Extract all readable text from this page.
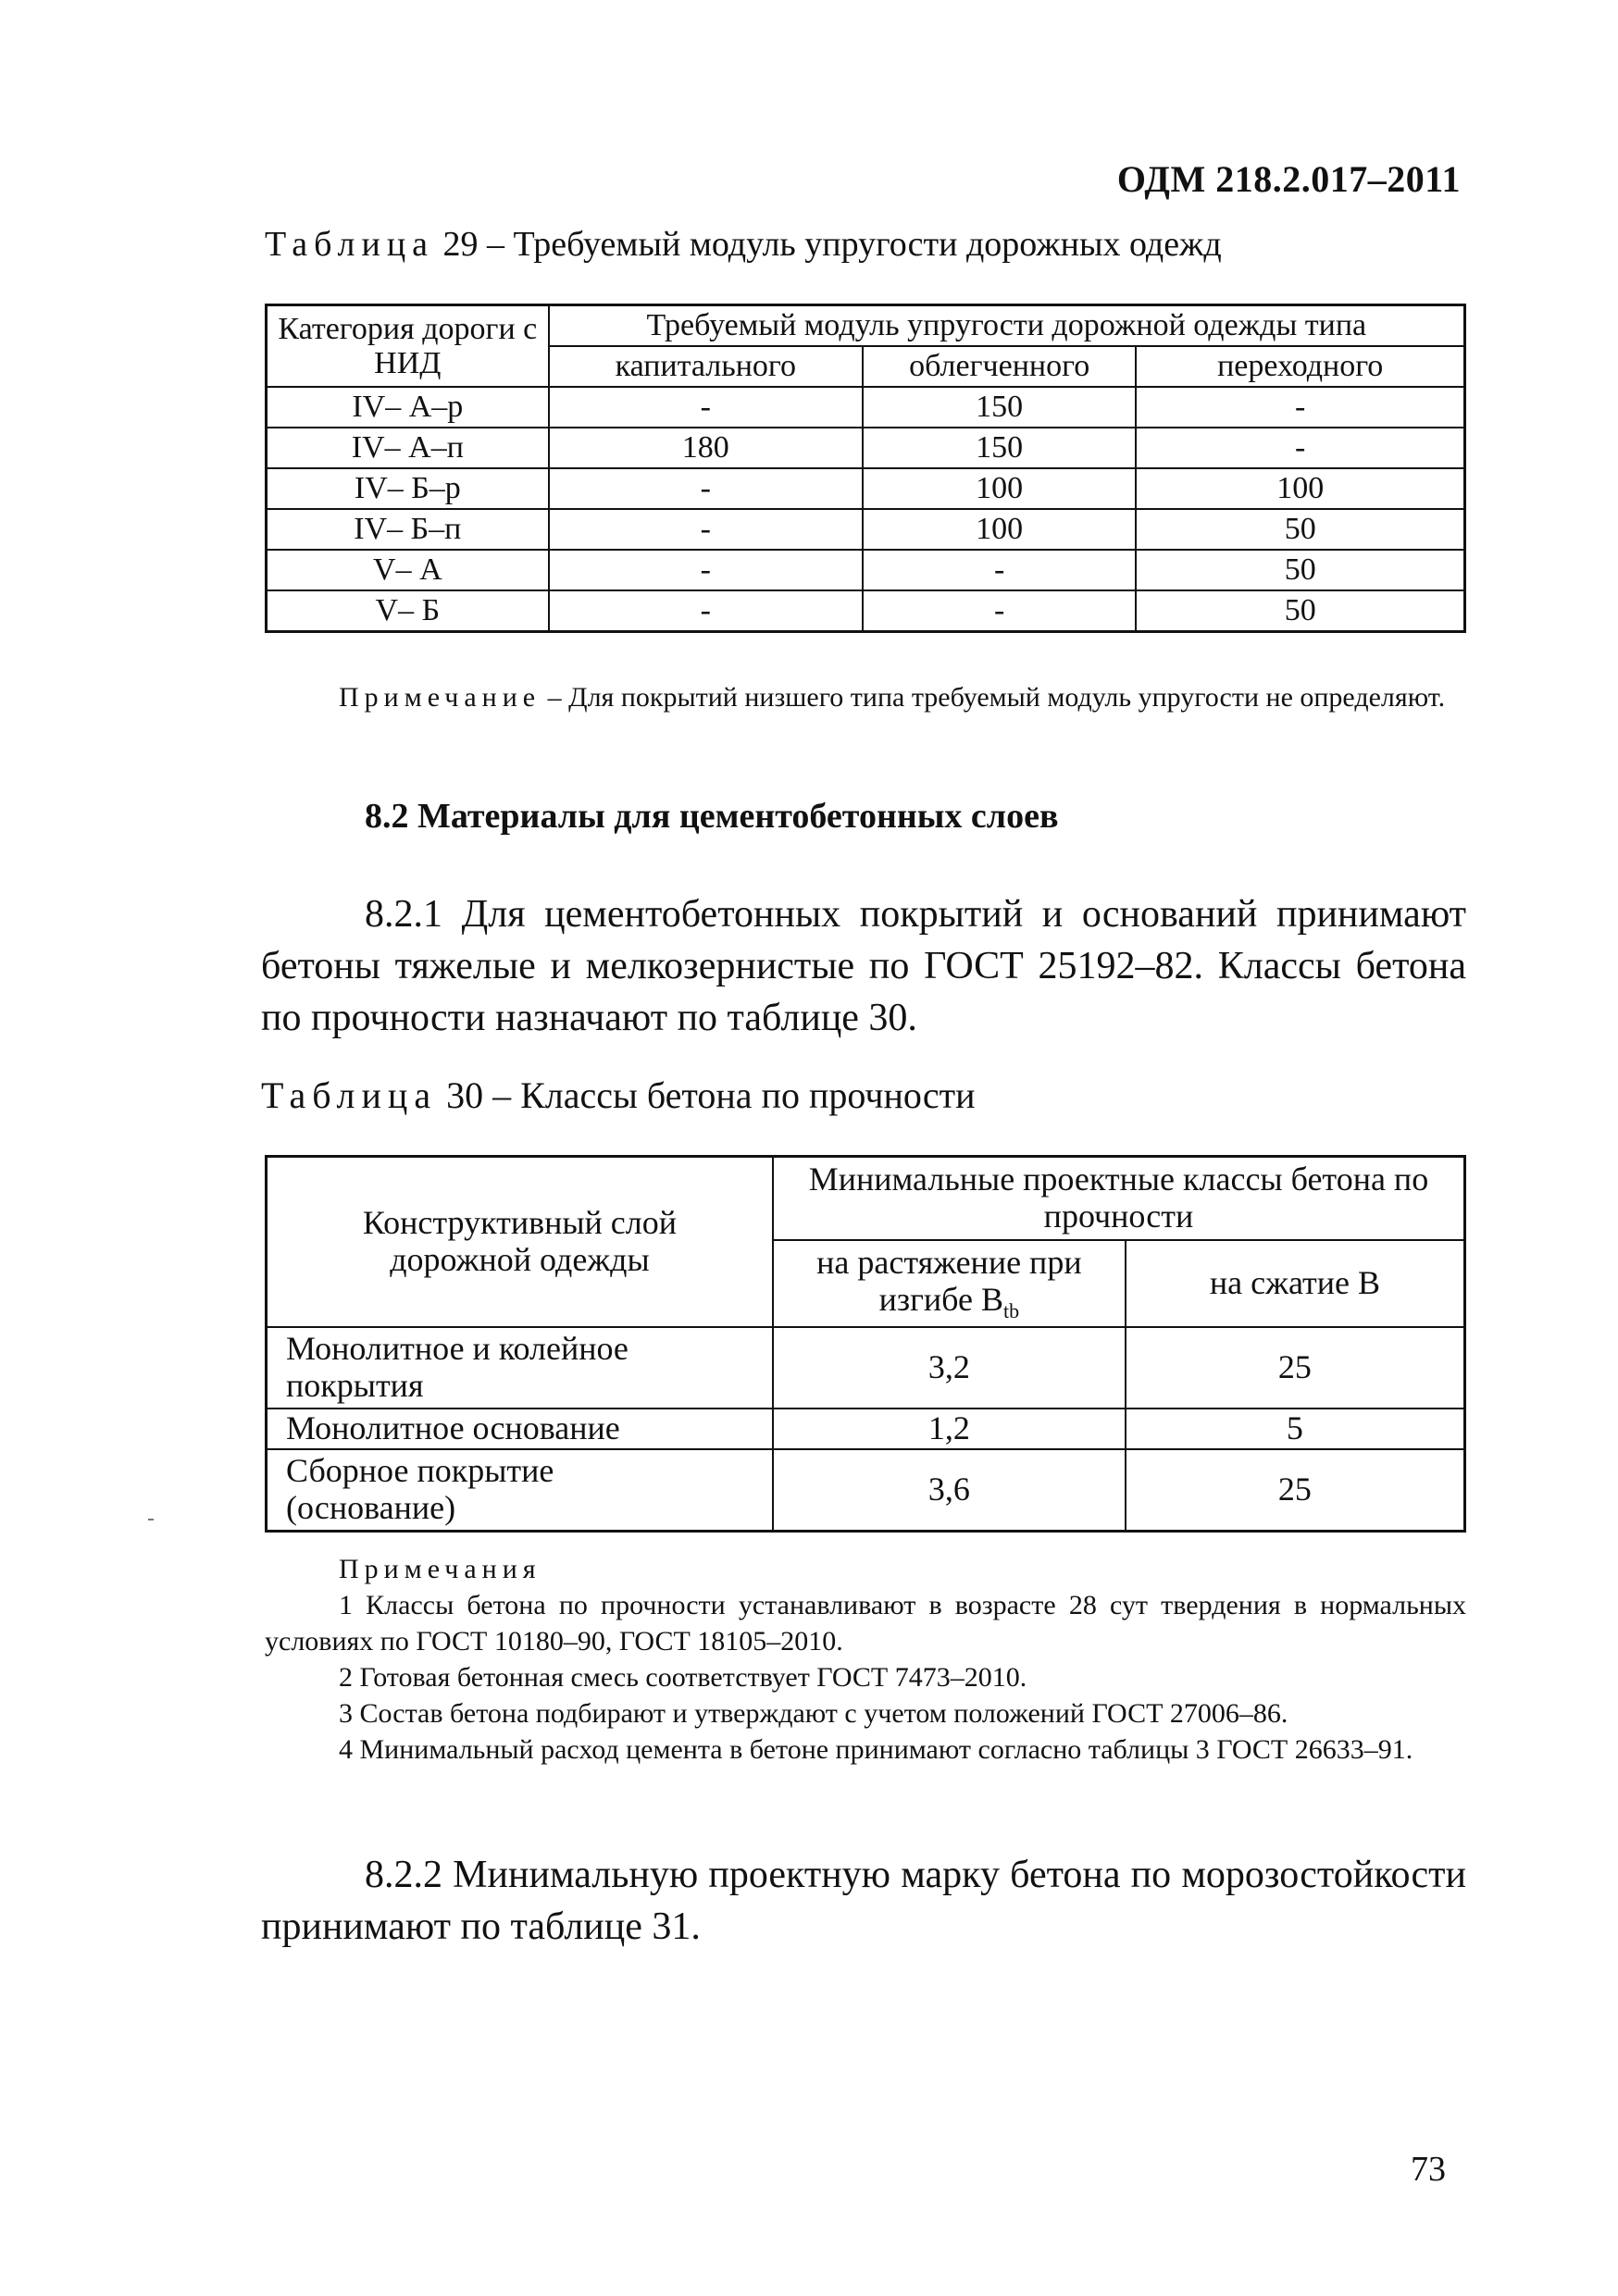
ОДМ 218.2.017–2011
Таблица 29 – Требуемый модуль упругости дорожных одежд
Категория дороги с НИД	Требуемый модуль упругости дорожной одежды типа		
	капитального	облегченного	переходного
IV– А–р	-	150	-
IV– А–п	180	150	-
IV– Б–р	-	100	100
IV– Б–п	-	100	50
V– А	-	-	50
V– Б	-	-	50
Примечание – Для покрытий низшего типа требуемый модуль упругости не определяют.
8.2 Материалы для цементобетонных слоев
8.2.1 Для цементобетонных покрытий и оснований принимают бетоны тяжелые и мелкозернистые по ГОСТ 25192–82. Классы бетона по прочности назначают по таблице 30.
Таблица 30 – Классы бетона по прочности
Конструктивный слой дорожной одежды	Минимальные проектные классы бетона по прочности	
	на растяжение при изгибе $B_{tb}$	на сжатие B
Монолитное и колейное покрытия	3,2	25
Монолитное основание	1,2	5
Сборное покрытие (основание)	3,6	25
Примечания
1 Классы бетона по прочности устанавливают в возрасте 28 сут твердения в нормальных условиях по ГОСТ 10180–90, ГОСТ 18105–2010.
2 Готовая бетонная смесь соответствует ГОСТ 7473–2010.
3 Состав бетона подбирают и утверждают с учетом положений ГОСТ 27006–86.
4 Минимальный расход цемента в бетоне принимают согласно таблицы 3 ГОСТ 26633–91.
8.2.2 Минимальную проектную марку бетона по морозостойкости принимают по таблице 31.
73
